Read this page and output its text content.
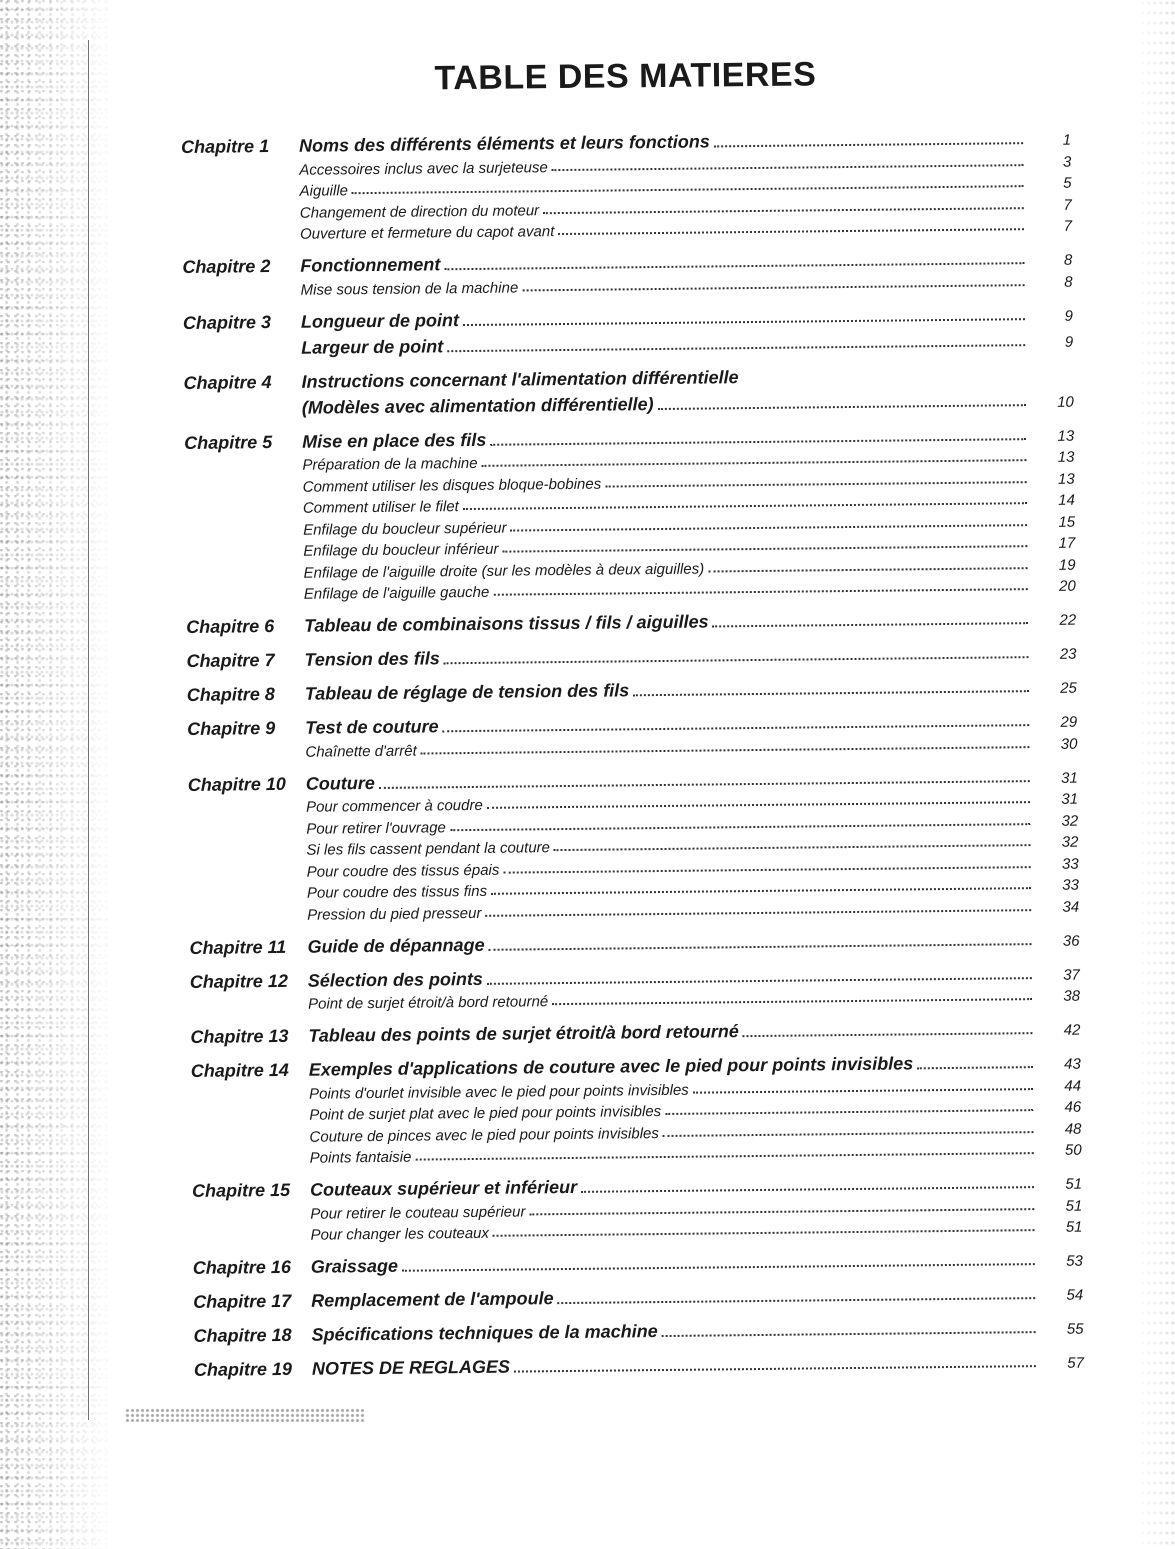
TABLE DES MATIERES
Chapitre 1	Noms des différents éléments et leurs fonctions	1
Accessoires inclus avec la surjeteuse	3
Aiguille	5
Changement de direction du moteur	7
Ouverture et fermeture du capot avant	7
Chapitre 2	Fonctionnement	8
Mise sous tension de la machine	8
Chapitre 3	Longueur de point	9
Largeur de point	9
Chapitre 4	Instructions concernant l'alimentation différentielle
(Modèles avec alimentation différentielle)	10
Chapitre 5	Mise en place des fils	13
Préparation de la machine	13
Comment utiliser les disques bloque-bobines	13
Comment utiliser le filet	14
Enfilage du boucleur supérieur	15
Enfilage du boucleur inférieur	17
Enfilage de l'aiguille droite (sur les modèles à deux aiguilles)	19
Enfilage de l'aiguille gauche	20
Chapitre 6	Tableau de combinaisons tissus / fils / aiguilles	22
Chapitre 7	Tension des fils	23
Chapitre 8	Tableau de réglage de tension des fils	25
Chapitre 9	Test de couture	29
Chaînette d'arrêt	30
Chapitre 10	Couture	31
Pour commencer à coudre	31
Pour retirer l'ouvrage	32
Si les fils cassent pendant la couture	32
Pour coudre des tissus épais	33
Pour coudre des tissus fins	33
Pression du pied presseur	34
Chapitre 11	Guide de dépannage	36
Chapitre 12	Sélection des points	37
Point de surjet étroit/à bord retourné	38
Chapitre 13	Tableau des points de surjet étroit/à bord retourné	42
Chapitre 14	Exemples d'applications de couture avec le pied pour points invisibles	43
Points d'ourlet invisible avec le pied pour points invisibles	44
Point de surjet plat avec le pied pour points invisibles	46
Couture de pinces avec le pied pour points invisibles	48
Points fantaisie	50
Chapitre 15	Couteaux supérieur et inférieur	51
Pour retirer le couteau supérieur	51
Pour changer les couteaux	51
Chapitre 16	Graissage	53
Chapitre 17	Remplacement de l'ampoule	54
Chapitre 18	Spécifications techniques de la machine	55
Chapitre 19	NOTES DE REGLAGES	57
